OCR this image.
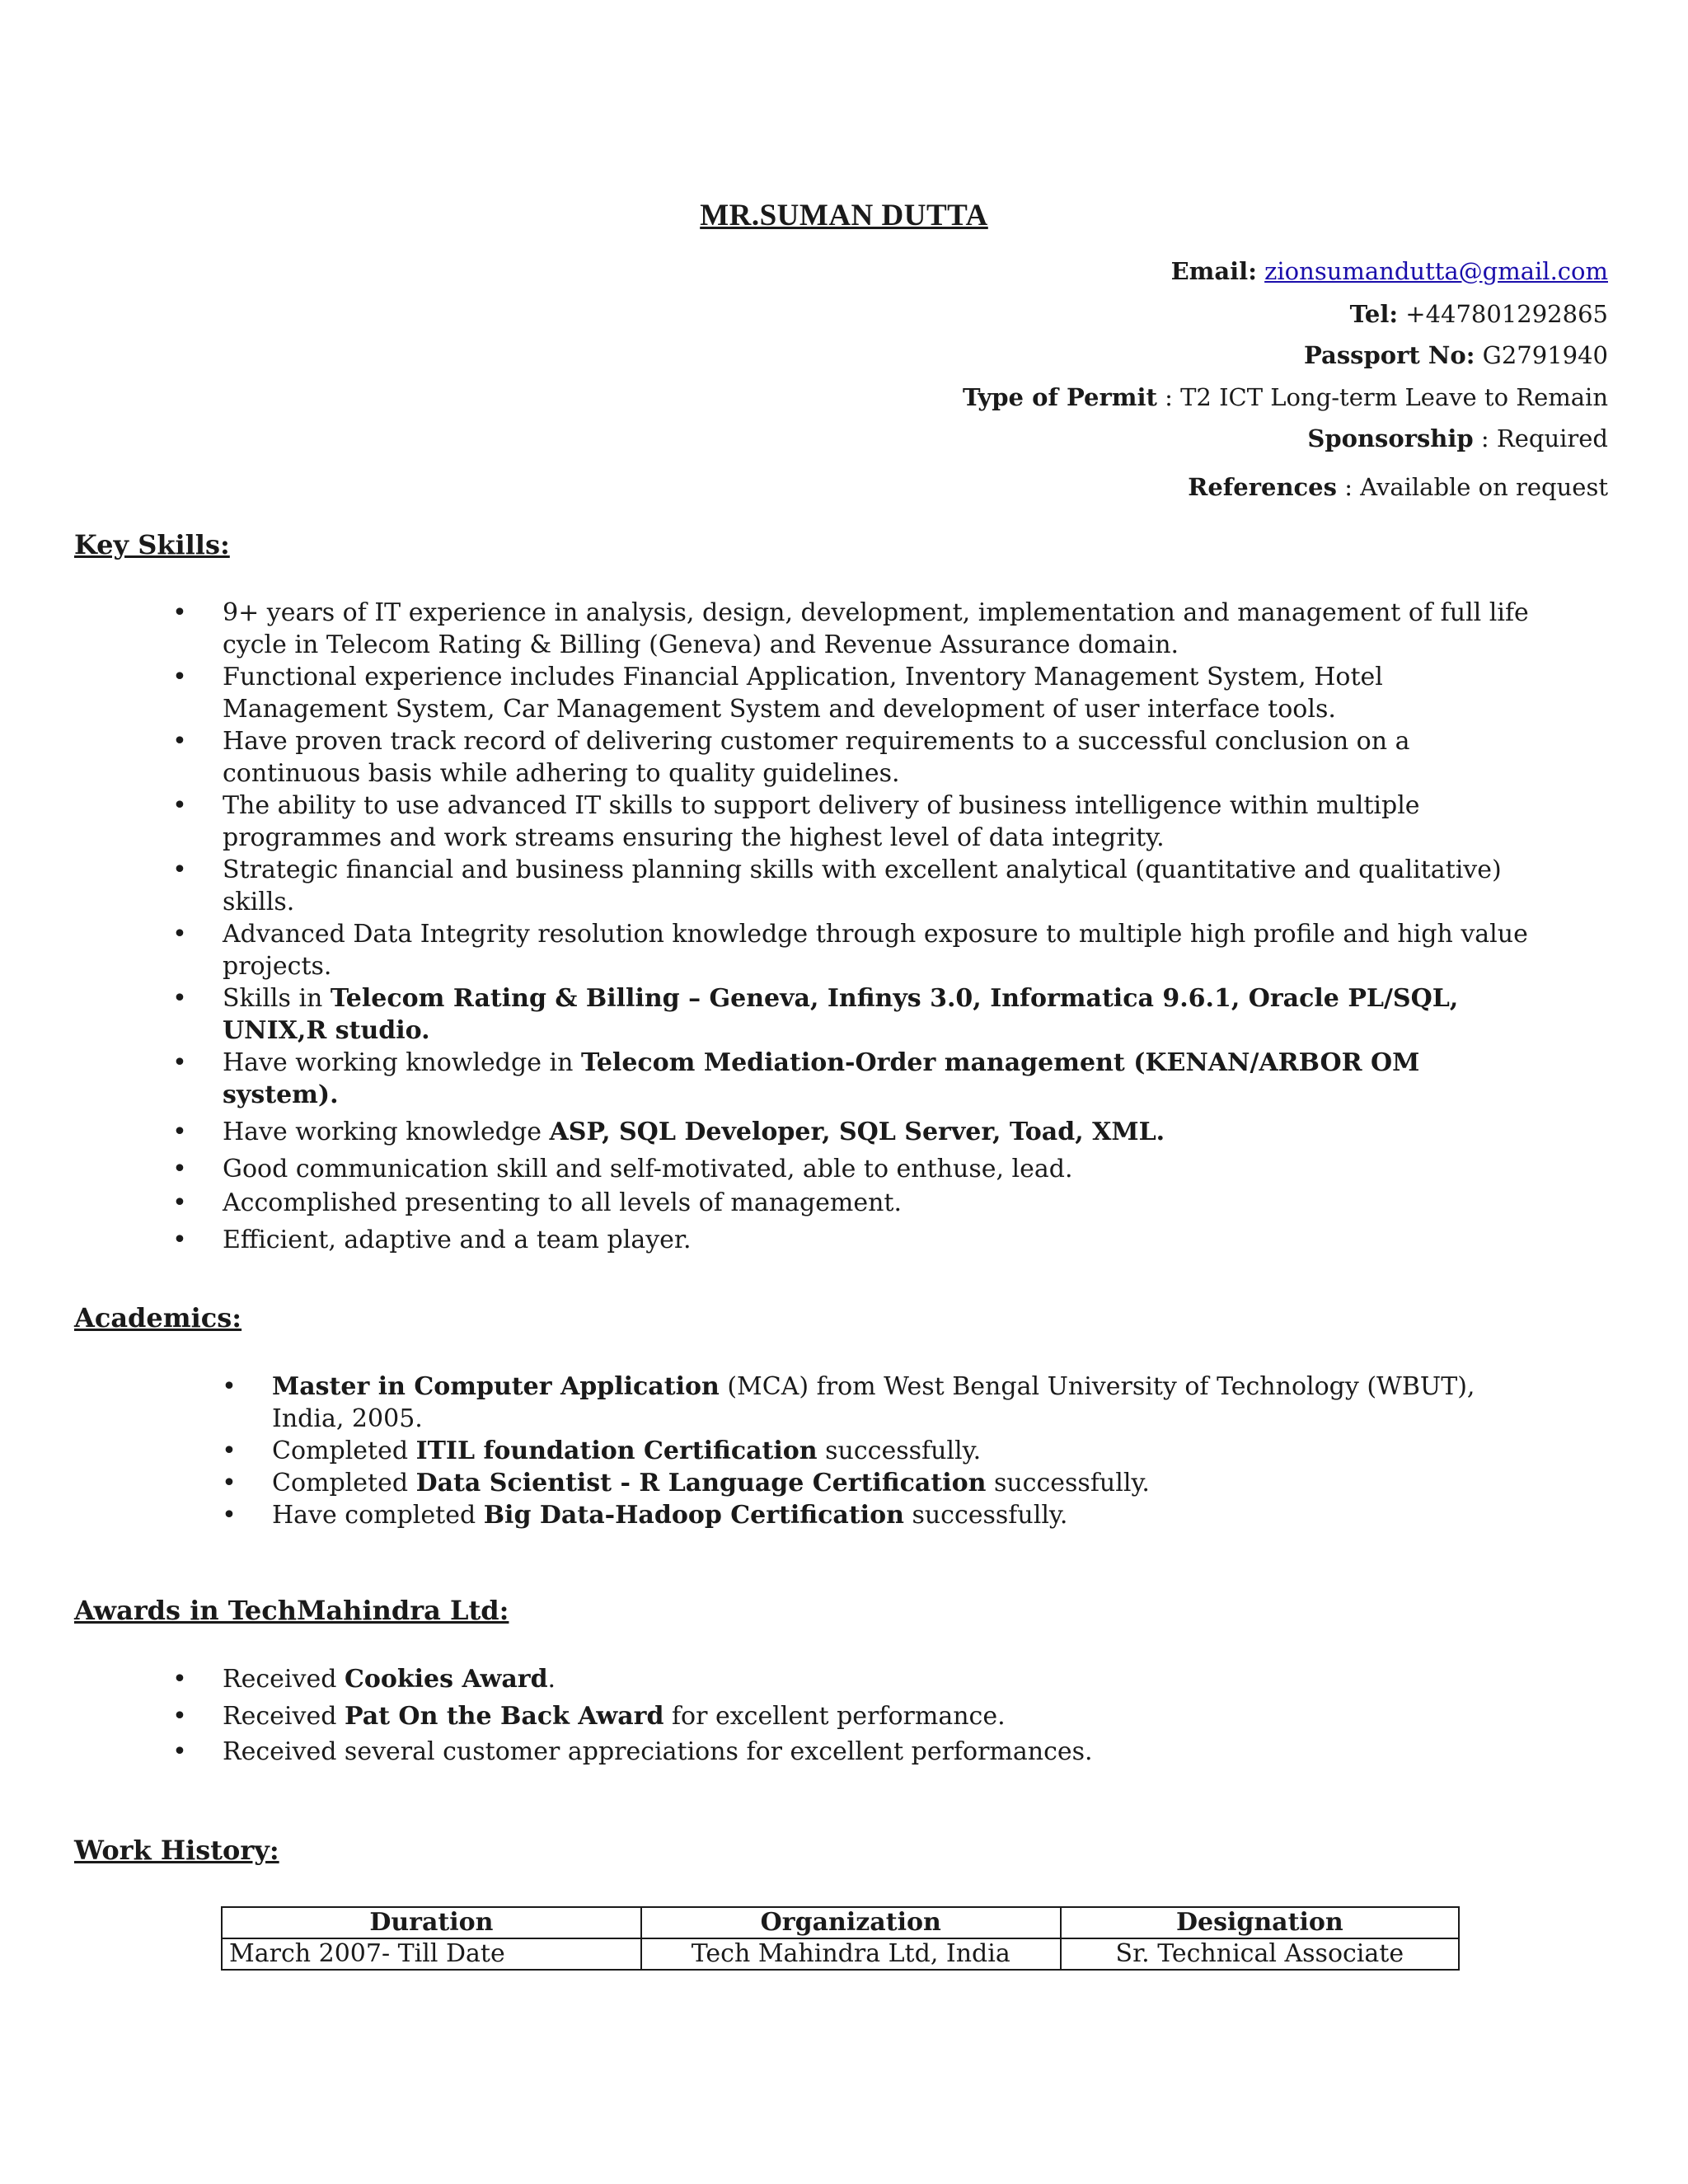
MR.SUMAN DUTTA
Email: zionsumandutta@gmail.com
Tel: +447801292865
Passport No: G2791940
Type of Permit : T2 ICT Long-term Leave to Remain
Sponsorship : Required
References : Available on request
Key Skills:
• 9+ years of IT experience in analysis, design, development, implementation and management of full life cycle in Telecom Rating & Billing (Geneva) and Revenue Assurance domain.
• Functional experience includes Financial Application, Inventory Management System, Hotel Management System, Car Management System and development of user interface tools.
• Have proven track record of delivering customer requirements to a successful conclusion on a continuous basis while adhering to quality guidelines.
• The ability to use advanced IT skills to support delivery of business intelligence within multiple programmes and work streams ensuring the highest level of data integrity.
• Strategic financial and business planning skills with excellent analytical (quantitative and qualitative) skills.
• Advanced Data Integrity resolution knowledge through exposure to multiple high profile and high value projects.
• Skills in Telecom Rating & Billing – Geneva, Infinys 3.0, Informatica 9.6.1, Oracle PL/SQL, UNIX,R studio.
• Have working knowledge in Telecom Mediation-Order management (KENAN/ARBOR OM system).
• Have working knowledge ASP, SQL Developer, SQL Server, Toad, XML.
• Good communication skill and self-motivated, able to enthuse, lead.
• Accomplished presenting to all levels of management.
• Efficient, adaptive and a team player.
Academics:
• Master in Computer Application (MCA) from West Bengal University of Technology (WBUT), India, 2005.
• Completed ITIL foundation Certification successfully.
• Completed Data Scientist - R Language Certification successfully.
• Have completed Big Data-Hadoop Certification successfully.
Awards in TechMahindra Ltd:
• Received Cookies Award.
• Received Pat On the Back Award for excellent performance.
• Received several customer appreciations for excellent performances.
Work History:
Duration	Organization	Designation
March 2007- Till Date	Tech Mahindra Ltd, India	Sr. Technical Associate
